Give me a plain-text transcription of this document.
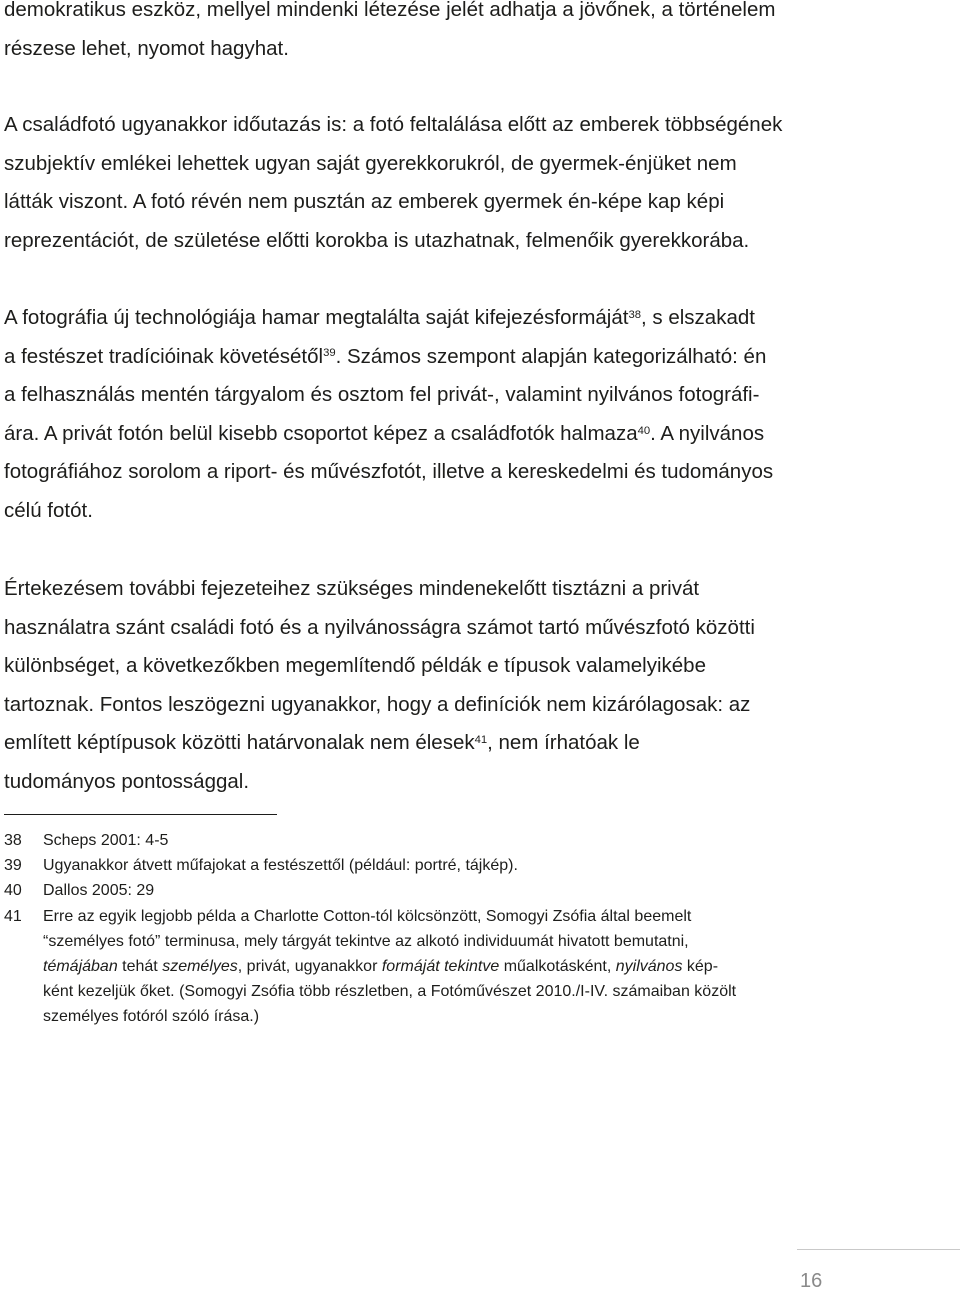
demokratikus eszköz, mellyel mindenki létezése jelét adhatja a jövőnek, a történelem
részese lehet, nyomot hagyhat.

A családfotó ugyanakkor időutazás is: a fotó feltalálása előtt az emberek többségének
szubjektív emlékei lehettek ugyan saját gyerekkorukról, de gyermek-énjüket nem
látták viszont. A fotó révén nem pusztán az emberek gyermek én-képe kap képi
reprezentációt, de születése előtti korokba is utazhatnak, felmenőik gyerekkorába.

A fotográfia új technológiája hamar megtalálta saját kifejezésformáját$^{38}$, s elszakadt
a festészet tradícióinak követésétől$^{39}$. Számos szempont alapján kategorizálható: én
a felhasználás mentén tárgyalom és osztom fel privát-, valamint nyilvános fotográfi-
ára. A privát fotón belül kisebb csoportot képez a családfotók halmaza$^{40}$. A nyilvános
fotográfiához sorolom a riport- és művészfotót, illetve a kereskedelmi és tudományos
célú fotót.

Értekezésem további fejezeteihez szükséges mindenekelőtt tisztázni a privát
használatra szánt családi fotó és a nyilvánosságra számot tartó művészfotó közötti
különbséget, a következőkben megemlítendő példák e típusok valamelyikébe
tartoznak. Fontos leszögezni ugyanakkor, hogy a definíciók nem kizárólagosak: az
említett képtípusok közötti határvonalak nem élesek$^{41}$, nem írhatóak le
tudományos pontossággal.

38 Scheps 2001: 4-5
39 Ugyanakkor átvett műfajokat a festészettől (például: portré, tájkép).
40 Dallos 2005: 29
41 Erre az egyik legjobb példa a Charlotte Cotton-tól kölcsönzött, Somogyi Zsófia által beemelt
“személyes fotó” terminusa, mely tárgyát tekintve az alkotó individuumát hivatott bemutatni,
témájában tehát személyes, privát, ugyanakkor formáját tekintve műalkotásként, nyilvános kép-
ként kezeljük őket. (Somogyi Zsófia több részletben, a Fotóművészet 2010./I-IV. számaiban közölt
személyes fotóról szóló írása.)
16
